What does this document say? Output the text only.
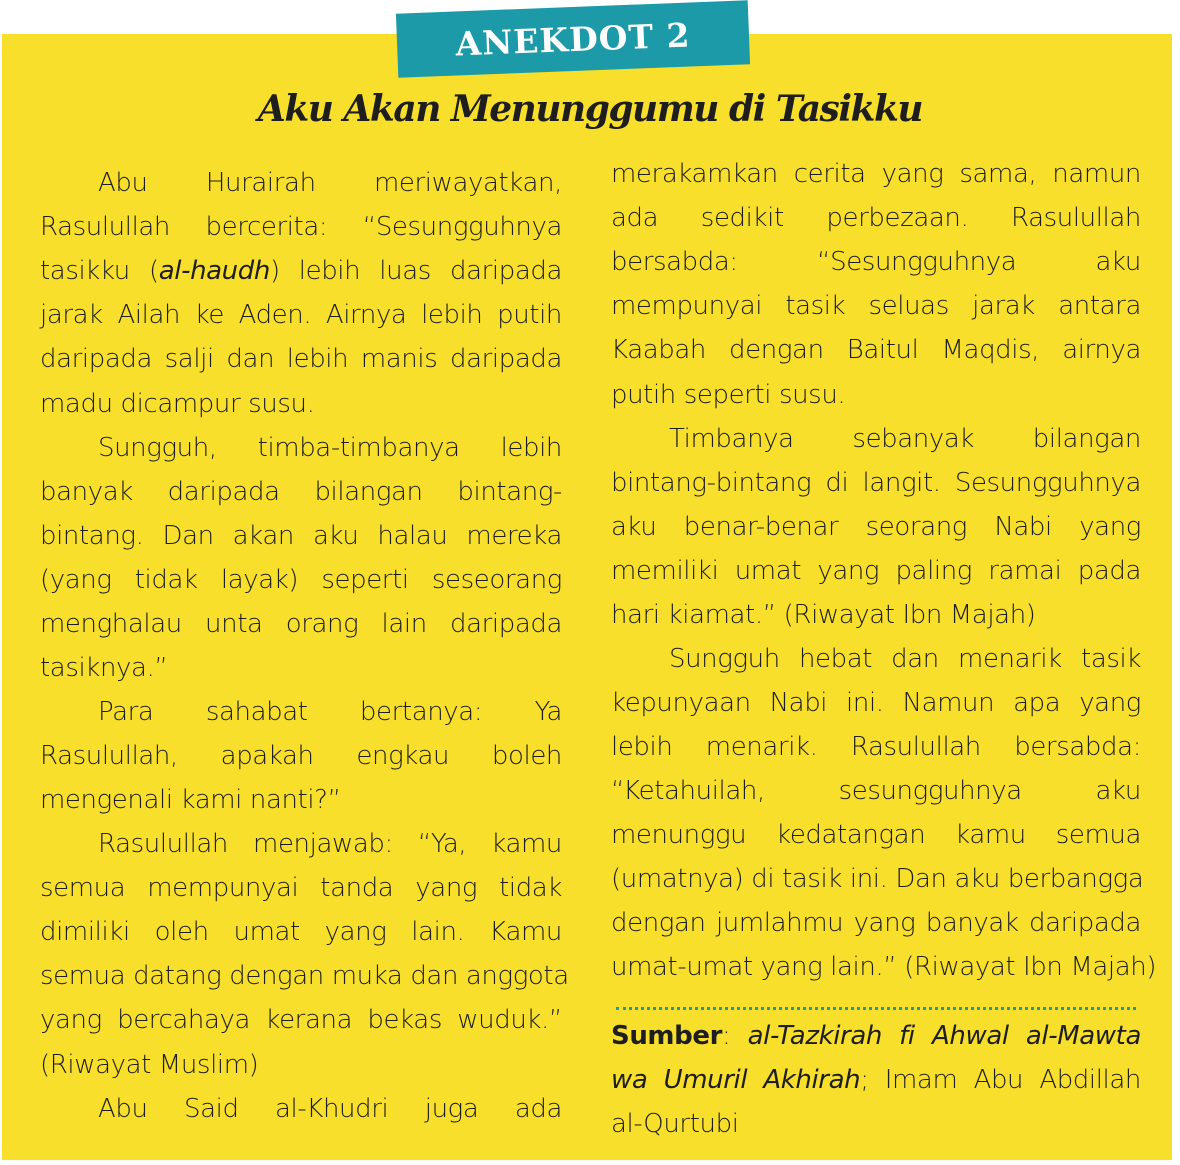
ANEKDOT 2
Aku Akan Menunggumu di Tasikku
Abu Hurairah meriwayatkan,
Rasulullah bercerita: “Sesungguhnya
tasikku (al-haudh) lebih luas daripada
jarak Ailah ke Aden. Airnya lebih putih
daripada salji dan lebih manis daripada
madu dicampur susu.
Sungguh, timba-timbanya lebih
banyak daripada bilangan bintang-
bintang. Dan akan aku halau mereka
(yang tidak layak) seperti seseorang
menghalau unta orang lain daripada
tasiknya.”
Para sahabat bertanya: Ya
Rasulullah, apakah engkau boleh
mengenali kami nanti?”
Rasulullah menjawab: “Ya, kamu
semua mempunyai tanda yang tidak
dimiliki oleh umat yang lain. Kamu
semua datang dengan muka dan anggota
yang bercahaya kerana bekas wuduk.”
(Riwayat Muslim)
Abu Said al-Khudri juga ada
merakamkan cerita yang sama, namun
ada sedikit perbezaan. Rasulullah
bersabda: “Sesungguhnya aku
mempunyai tasik seluas jarak antara
Kaabah dengan Baitul Maqdis, airnya
putih seperti susu.
Timbanya sebanyak bilangan
bintang-bintang di langit. Sesungguhnya
aku benar-benar seorang Nabi yang
memiliki umat yang paling ramai pada
hari kiamat.” (Riwayat Ibn Majah)
Sungguh hebat dan menarik tasik
kepunyaan Nabi ini. Namun apa yang
lebih menarik. Rasulullah bersabda:
“Ketahuilah, sesungguhnya aku
menunggu kedatangan kamu semua
(umatnya) di tasik ini. Dan aku berbangga
dengan jumlahmu yang banyak daripada
umat-umat yang lain.” (Riwayat Ibn Majah)
Sumber: al-Tazkirah fi Ahwal al-Mawta
wa Umuril Akhirah; Imam Abu Abdillah
al-Qurtubi
